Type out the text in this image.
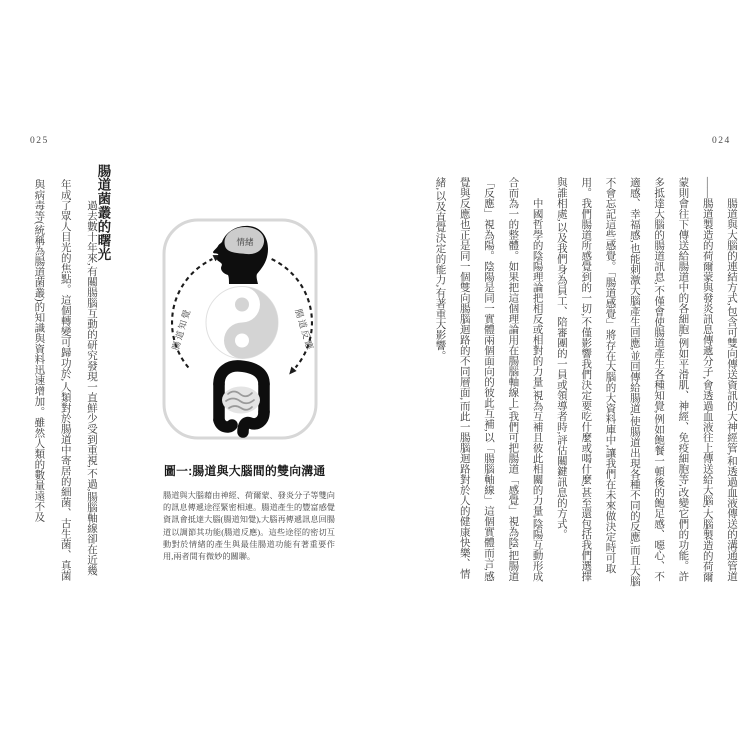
024

腸道與大腦的連結方式,包含可雙向傳送資訊的大神經管,和透過血液傳送的溝通管道——腸道製造的荷爾蒙與發炎訊息傳遞分子,會透過血液往上傳送給大腦;大腦製造的荷爾蒙則會往下傳送給腸道中的各細胞,例如平滑肌、神經、免疫細胞等,改變它們的功能。許多抵達大腦的腸道訊息,不僅會使腸道產生各種知覺,例如飽餐一頓後的飽足感、噁心、不適感、幸福感,也能刺激大腦產生回應,並回傳給腸道,使腸道出現各種不同的反應,而且大腦不會忘記這些感覺。「腸道感覺」將存在大腦的大資料庫中,讓我們在未來做決定時可取用。我們腸道所感覺到的一切,不僅影響我們決定要吃什麼或喝什麼,甚至還包括我們選擇與誰相處,以及我們身為員工、陪審團的一員或領導者時,評估關鍵訊息的方式。

中國哲學的陰陽理論把相反或相對的力量,視為互補且彼此相關的力量,陰陽互動形成合而為一的整體。如果把這個理論用在腸腦軸線上,我們可把腸道「感覺」視為陰,把腸道「反應」視為陽。陰陽是同一實體兩個面向的彼此互補,以「腸腦軸線」這個實體而言,感覺與反應也正是同一個雙向腸腦迴路的不同層面,而此一腸腦迴路對於人的健康快樂、情緒,以及直覺決定的能力,有著重大影響。

025
情緒
腸道知覺	腸道反應
圖一:腸道與大腦間的雙向溝通

腸道與大腦藉由神經、荷爾蒙、發炎分子等雙向的訊息傳遞途徑緊密相連。腸道產生的豐富感覺資訊會抵達大腦(腸道知覺),大腦再傳遞訊息回腸道以調節其功能(腸道反應)。這些途徑的密切互動對於情緒的產生與最佳腸道功能有著重要作用,兩者間有微妙的關聯。

腸道菌叢的曙光

過去數十年來,有關腸腦互動的研究發現一直鮮少受到重視,不過,腸腦軸線卻在近幾年成了眾人目光的焦點。這個轉變可歸功於,人類對於腸道中寄居的細菌、古生菌、真菌與病毒等(統稱為腸道菌叢)的知識與資料迅速增加。雖然人類的數量遠不及
